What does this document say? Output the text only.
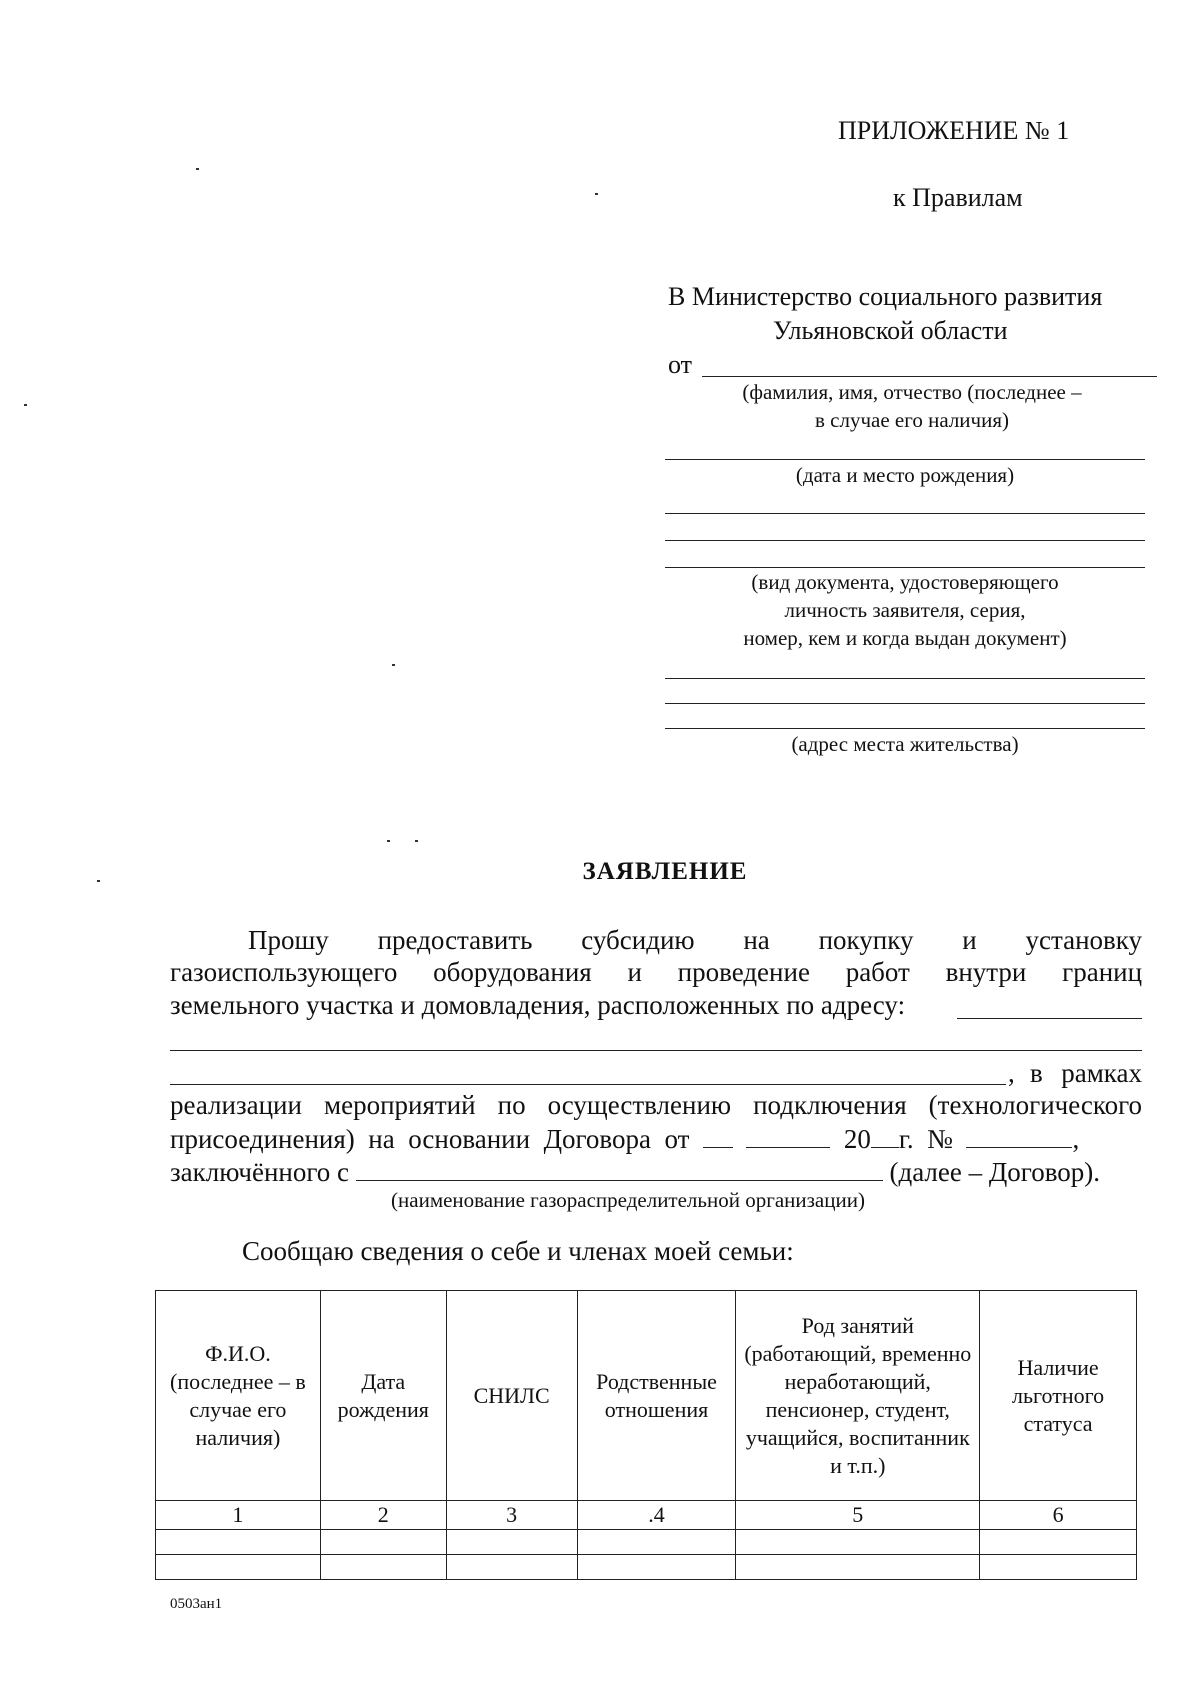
ПРИЛОЖЕНИЕ № 1
к Правилам
В Министерство социального развития
Ульяновской области
от
(фамилия, имя, отчество (последнее –
в случае его наличия)
(дата и место рождения)
(вид документа, удостоверяющего
личность заявителя, серия,
номер, кем и когда выдан документ)
(адрес места жительства)
ЗАЯВЛЕНИЕ
Прошу предоставить субсидию на покупку и установку
газоиспользующего оборудования и проведение работ внутри границ
земельного участка и домовладения, расположенных по адресу:
, в рамках
реализации мероприятий по осуществлению подключения (технологического
присоединения) на основании Договора от	20 г. №	,
заключённого с	(далее – Договор).
(наименование газораспределительной организации)
Сообщаю сведения о себе и членах моей семьи:
Ф.И.О. (последнее – в случае его наличия)	Дата рождения	СНИЛС	Родственные отношения	Род занятий (работающий, временно неработающий, пенсионер, студент, учащийся, воспитанник и т.п.)	Наличие льготного статуса
1	2	3	.4	5	6

0503ан1
